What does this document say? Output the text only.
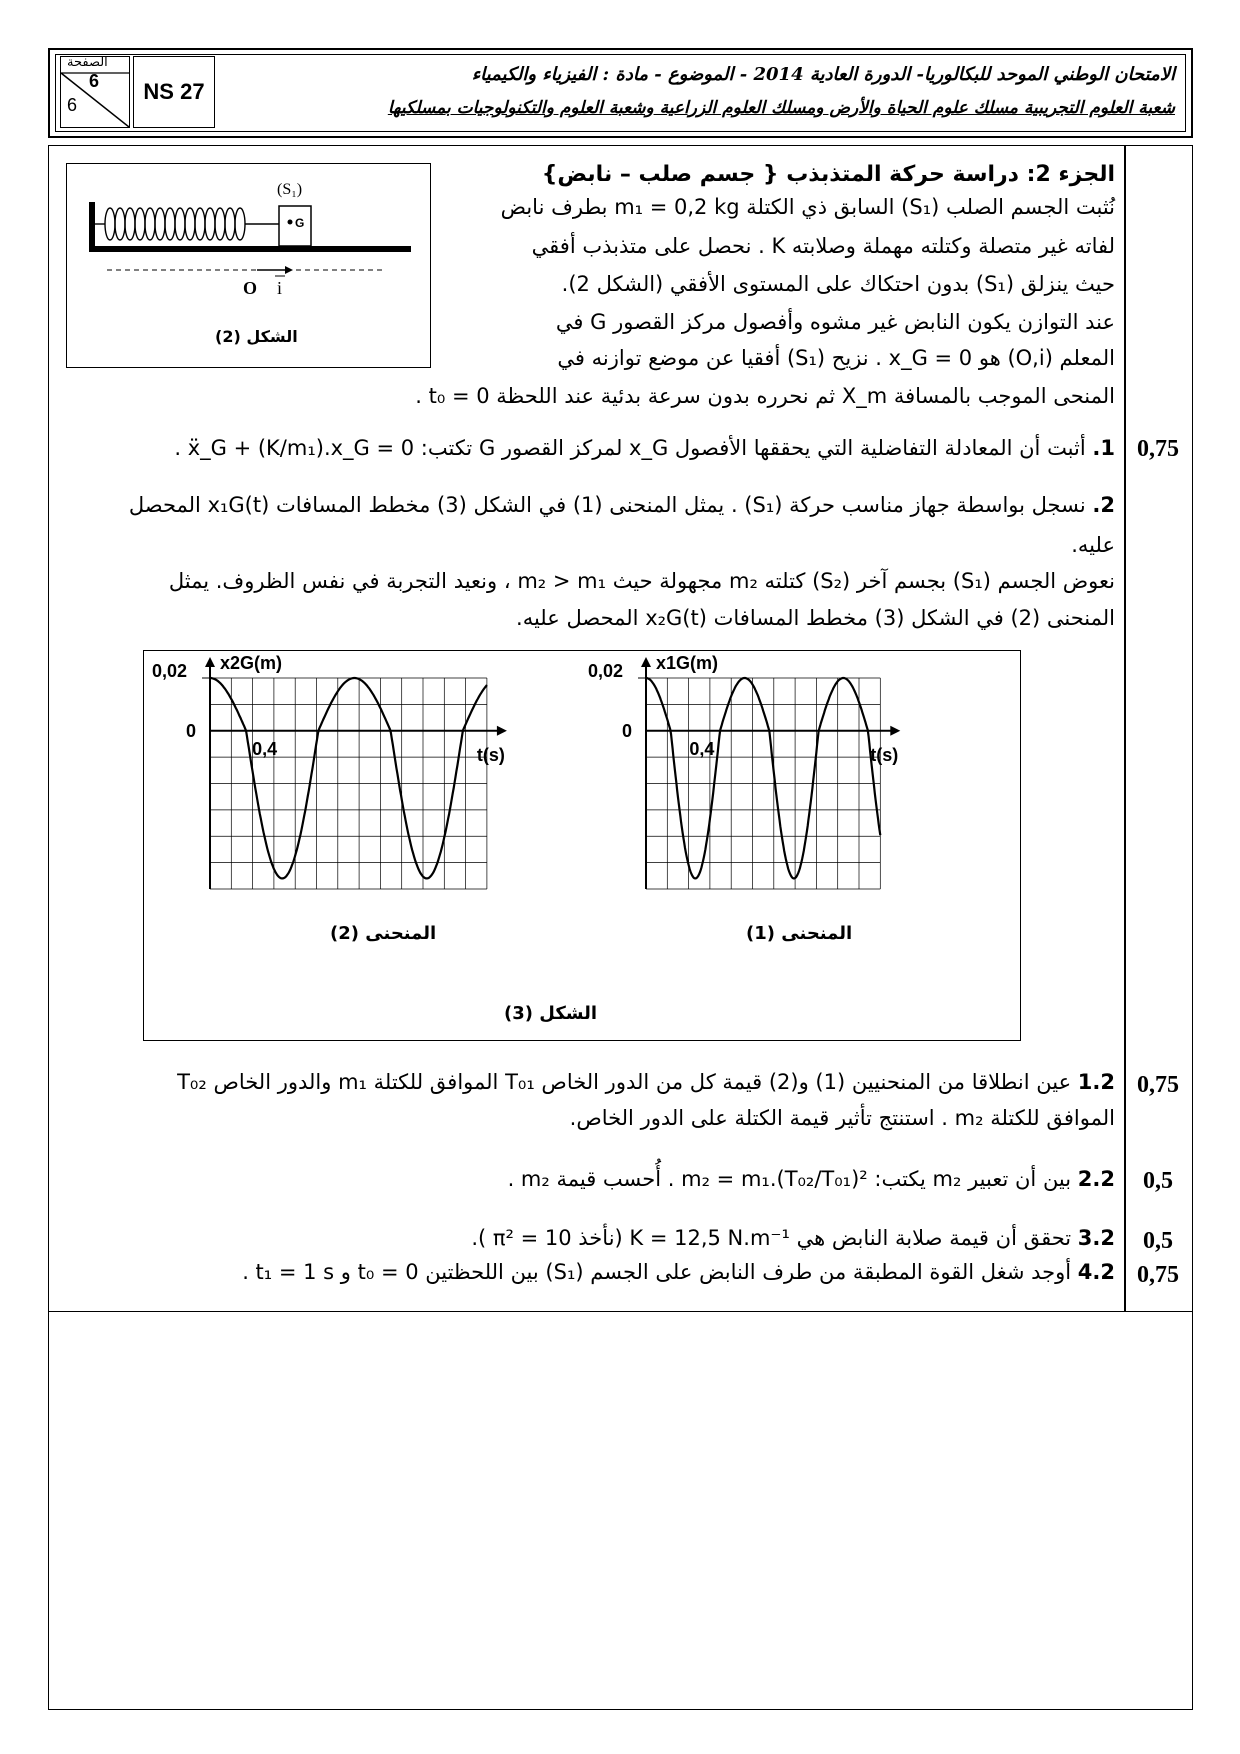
الصفحة
6
6
NS 27
الامتحان الوطني الموحد للبكالوريا- الدورة العادية 2014 - الموضوع - مادة : الفيزياء والكيمياء
شعبة العلوم التجريبية مسلك علوم الحياة والأرض ومسلك العلوم الزراعية وشعبة العلوم والتكنولوجيات بمسلكيها
الجزء 2: دراسة حركة المتذبذب { جسم صلب – نابض}
نُثبت الجسم الصلب (S₁) السابق ذي الكتلة m₁ = 0,2 kg بطرف نابض
لفاته غير متصلة وكتلته مهملة وصلابته K . نحصل على متذبذب أفقي
حيث ينزلق (S₁) بدون احتكاك على المستوى الأفقي (الشكل 2).
عند التوازن يكون النابض غير مشوه وأفصول مركز القصور G في
المعلم (O,i) هو x_G = 0 . نزيح (S₁) أفقيا عن موضع توازنه في
المنحى الموجب بالمسافة X_m ثم نحرره بدون سرعة بدئية عند اللحظة t₀ = 0 .
G
(S₁)
O i
الشكل (2)
0,75
1. أثبت أن المعادلة التفاضلية التي يحققها الأفصول x_G لمركز القصور G تكتب: ẍ_G + (K/m₁).x_G = 0 .
2. نسجل بواسطة جهاز مناسب حركة (S₁) . يمثل المنحنى (1) في الشكل (3) مخطط المسافات x₁G(t) المحصل
عليه.
نعوض الجسم (S₁) بجسم آخر (S₂) كتلته m₂ مجهولة حيث m₂ > m₁ ، ونعيد التجربة في نفس الظروف. يمثل
المنحنى (2) في الشكل (3) مخطط المسافات x₂G(t) المحصل عليه.
x1G(m)
t(s)
0,02
0
0,4
المنحنى (1)
x2G(m)
t(s)
0,02
0
0,4
المنحنى (2)
الشكل (3)
0,75
1.2 عين انطلاقا من المنحنيين (1) و(2) قيمة كل من الدور الخاص T₀₁ الموافق للكتلة m₁ والدور الخاص T₀₂
الموافق للكتلة m₂ . استنتج تأثير قيمة الكتلة على الدور الخاص.
0,5
2.2 بين أن تعبير m₂ يكتب: m₂ = m₁.(T₀₂/T₀₁)² . أُحسب قيمة m₂ .
0,5
3.2 تحقق أن قيمة صلابة النابض هي K = 12,5 N.m⁻¹ (نأخذ π² = 10 ).
0,75
4.2 أوجد شغل القوة المطبقة من طرف النابض على الجسم (S₁) بين اللحظتين t₀ = 0 و t₁ = 1 s .
